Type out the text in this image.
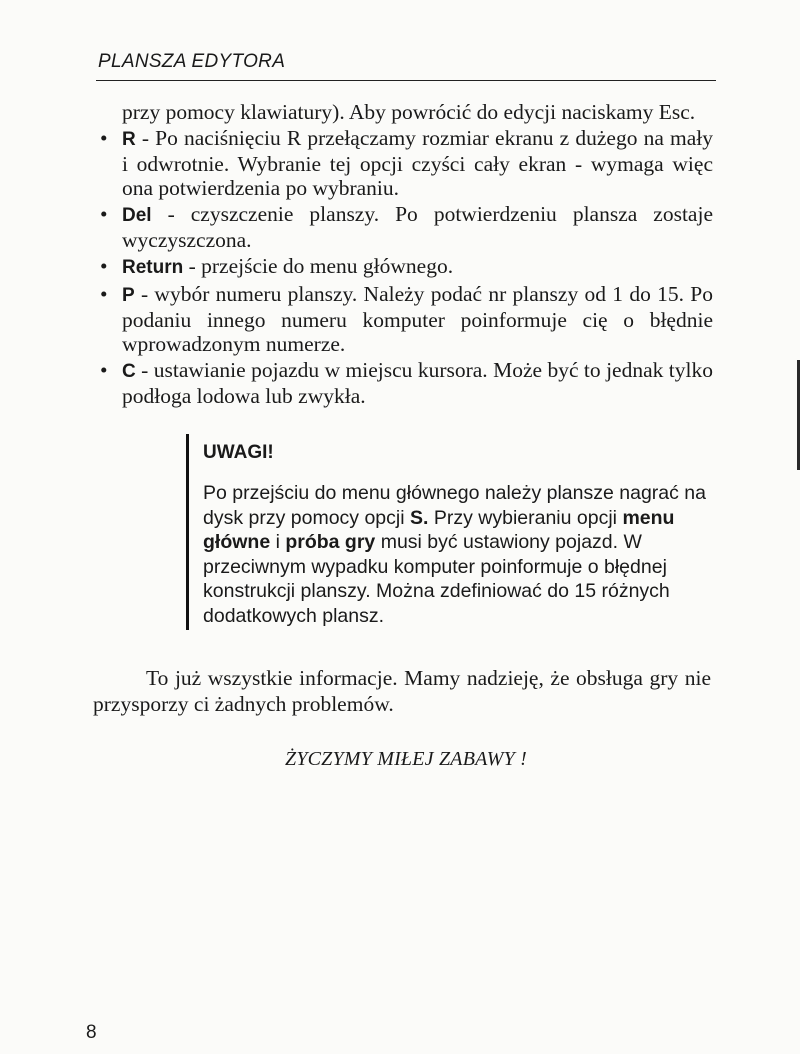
PLANSZA EDYTORA
przy pomocy klawiatury). Aby powrócić do edycji naciskamy Esc.
• R - Po naciśnięciu R przełączamy rozmiar ekranu z dużego na mały i odwrotnie. Wybranie tej opcji czyści cały ekran - wymaga więc ona potwierdzenia po wybraniu.
• Del - czyszczenie planszy. Po potwierdzeniu plansza zostaje wyczyszczona.
• Return - przejście do menu głównego.
• P - wybór numeru planszy. Należy podać nr planszy od 1 do 15. Po podaniu innego numeru komputer poinformuje cię o błędnie wprowadzonym numerze.
• C - ustawianie pojazdu w miejscu kursora. Może być to jednak tylko podłoga lodowa lub zwykła.
UWAGI!
Po przejściu do menu głównego należy plansze nagrać na dysk przy pomocy opcji S. Przy wybieraniu opcji menu główne i próba gry musi być ustawiony pojazd. W przeciwnym wypadku komputer poinformuje o błędnej konstrukcji planszy. Można zdefiniować do 15 różnych dodatkowych plansz.
To już wszystkie informacje. Mamy nadzieję, że obsługa gry nie przysporzy ci żadnych problemów.
ŻYCZYMY MIŁEJ ZABAWY !
8
